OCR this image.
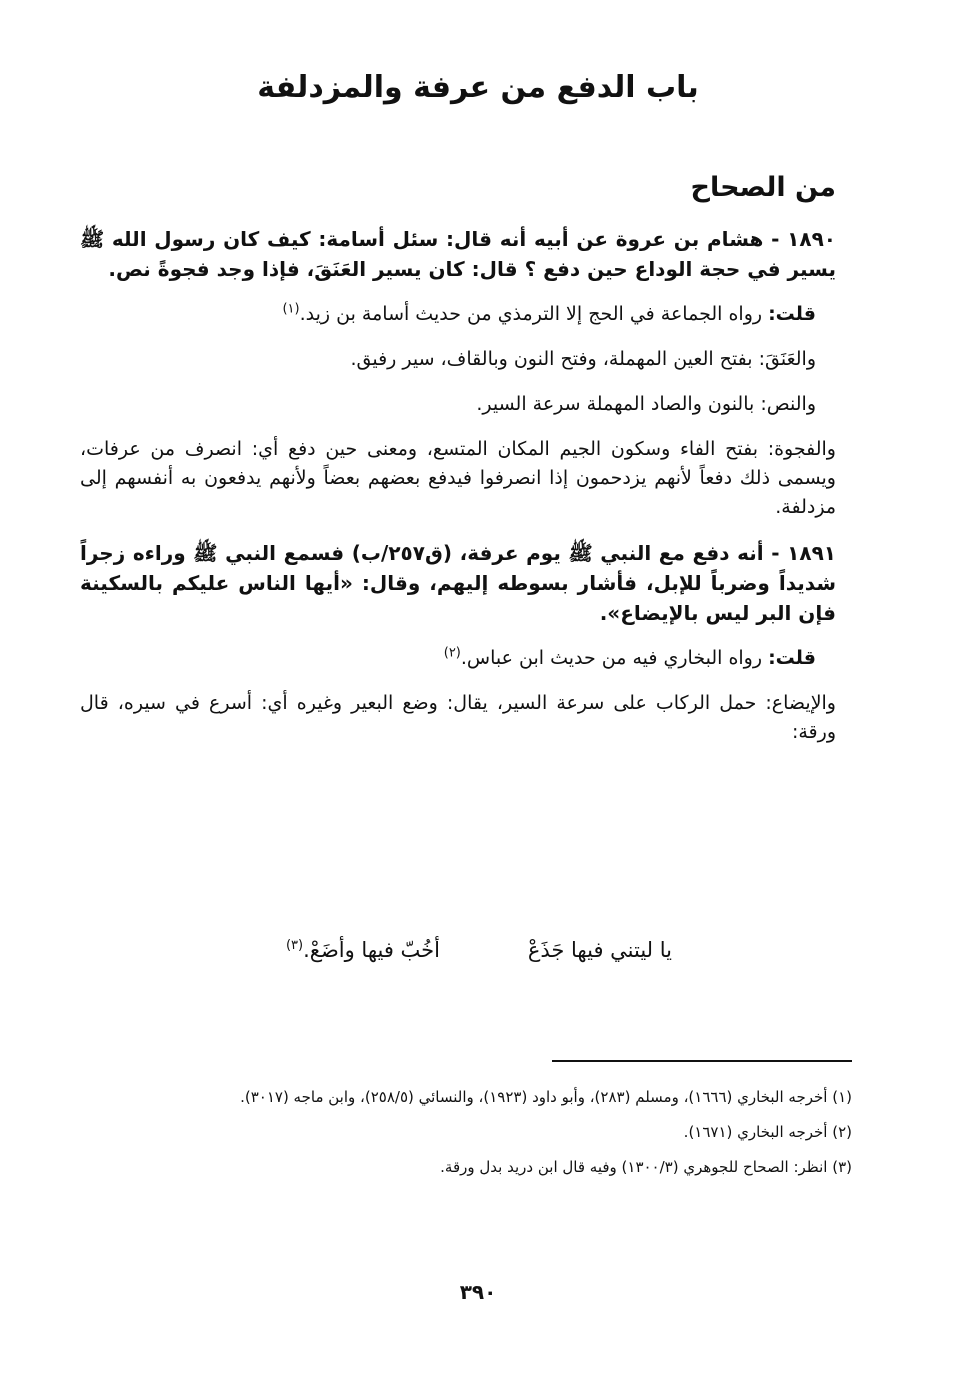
باب الدفع من عرفة والمزدلفة
من الصحاح

١٨٩٠ - هشام بن عروة عن أبيه أنه قال: سئل أسامة: كيف كان رسول الله ﷺ يسير في حجة الوداع حين دفع ؟ قال: كان يسير العَنَقَ، فإذا وجد فجوةً نص.

قلت: رواه الجماعة في الحج إلا الترمذي من حديث أسامة بن زيد.$^{(١)}$

والعَنَقَ: بفتح العين المهملة، وفتح النون وبالقاف، سير رفيق.

والنص: بالنون والصاد المهملة سرعة السير.

والفجوة: بفتح الفاء وسكون الجيم المكان المتسع، ومعنى حين دفع أي: انصرف من عرفات، ويسمى ذلك دفعاً لأنهم يزدحمون إذا انصرفوا فيدفع بعضهم بعضاً ولأنهم يدفعون به أنفسهم إلى مزدلفة.

١٨٩١ - أنه دفع مع النبي ﷺ يوم عرفة، (ق٢٥٧/ب) فسمع النبي ﷺ وراءه زجراً شديداً وضرباً للإبل، فأشار بسوطه إليهم، وقال: «أيها الناس عليكم بالسكينة فإن البر ليس بالإيضاع».

قلت: رواه البخاري فيه من حديث ابن عباس.$^{(٢)}$

والإيضاع: حمل الركاب على سرعة السير، يقال: وضع البعير وغيره أي: أسرع في سيره، قال ورقة:

يا ليتني فيها جَذَعْ
أخُبّ فيها وأضَعْ.$^{(٣)}$

(١) أخرجه البخاري (١٦٦٦)، ومسلم (٢٨٣)، وأبو داود (١٩٢٣)، والنسائي (٢٥٨/٥)، وابن ماجه (٣٠١٧).

(٢) أخرجه البخاري (١٦٧١).

(٣) انظر: الصحاح للجوهري (١٣٠٠/٣) وفيه قال ابن دريد بدل ورقة.

٣٩٠
